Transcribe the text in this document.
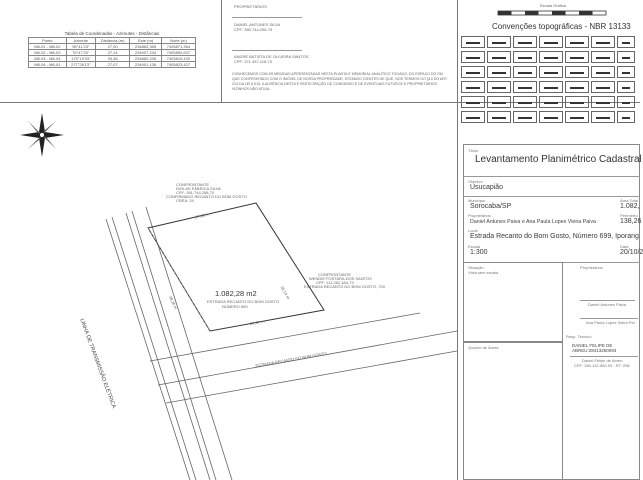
Tabela de Coordenadas - Azimutes - Distâncias
Ponto	Azimute	Distância (m)	Este (m)	Norte (m)
M8-01 - M8-02	96°41'23"	27,00	234862,355	7405871,364
M8-02 - M8-03	75°47'20"	27,14	234907,234	7405852,637
M8-03 - M8-04	175°19'33"	39,36	234882,235	7405815,432
M8-04 - M8-01	277°28'13"	27,07	234901,136	7405823,427
PROPRIETÁRIOS
DANIEL ANTUNES SILVA
CPF: 380.744.298-75
ANDRÉ BATISTA DE OLIVEIRA SANTOS
CPF: 371.457.118-73
CONHECEMOS COM AS MEDIDAS APRESENTADAS NESTA PLANTA E MEMORIAL ANALÍTICO TOGADO, DO ESPAÇO DO PAI QUE CONFRONTADO COM O IMÓVEL DE NOSSA PROPRIEDADE, ESTANDO CIENTES DE QUE, NOS TERMOS DO §10 DO ART. 213 DA LEI 6.015, A AUSÊNCIA DESTA É PARTICIPAÇÃO DE CONSENSO E DE EVENTUAIS FUTUROS E PROPRIETÁRIOS VIZINHOS NÃO ATUAL.
Escala Gráfica
Convenções topográficas - NBR 13133
CONFRONTANTE
DIOLAS FÁBRICA SILVA
CPF: 391.744.298-70
CONFIRMADO RECANTO DO BOM GOSTO
CREA: 24
27,00 m
1.082,28 m2
ESTRADA RECANTO DO BOM GOSTO
NÚMERO 699
CONFRONTANTE
WENDIE FOSTARA DOS SANTOS
CPF: 111.262.184-73
ESTRADA RECANTO DO BOM GOSTO, 700
39,36 m
39,14 m
27,07 m
LINHA DE TRANSMISSÃO ELÉTRICA	ESTRADA RECANTO DO BOM GOSTO
Título
Levantamento Planimétrico Cadastral
Objetivo
Usucapião
Município
Sorocaba/SP
Área Total
1.082,
Proprietários
Daniel Antunes Paiva e Ana Paula Lopes Vieira Paiva
Perímetro
138,26
Local
Estrada Recanto do Bom Gosto, Número 699, Iporang
Data
20/10/2
Escala
1:300
Situação
Vista sem escala
Proprietários
Daniel Antunes Paiva
Ana Paula Lopes Vieira Pai
Resp. Técnico
Quadro de Áreas	DANIEL FELIPE DE
ABREU:28413250093
Daniel Felipe de Abreu
CPF: 284.132.500-93 - RT: 208
